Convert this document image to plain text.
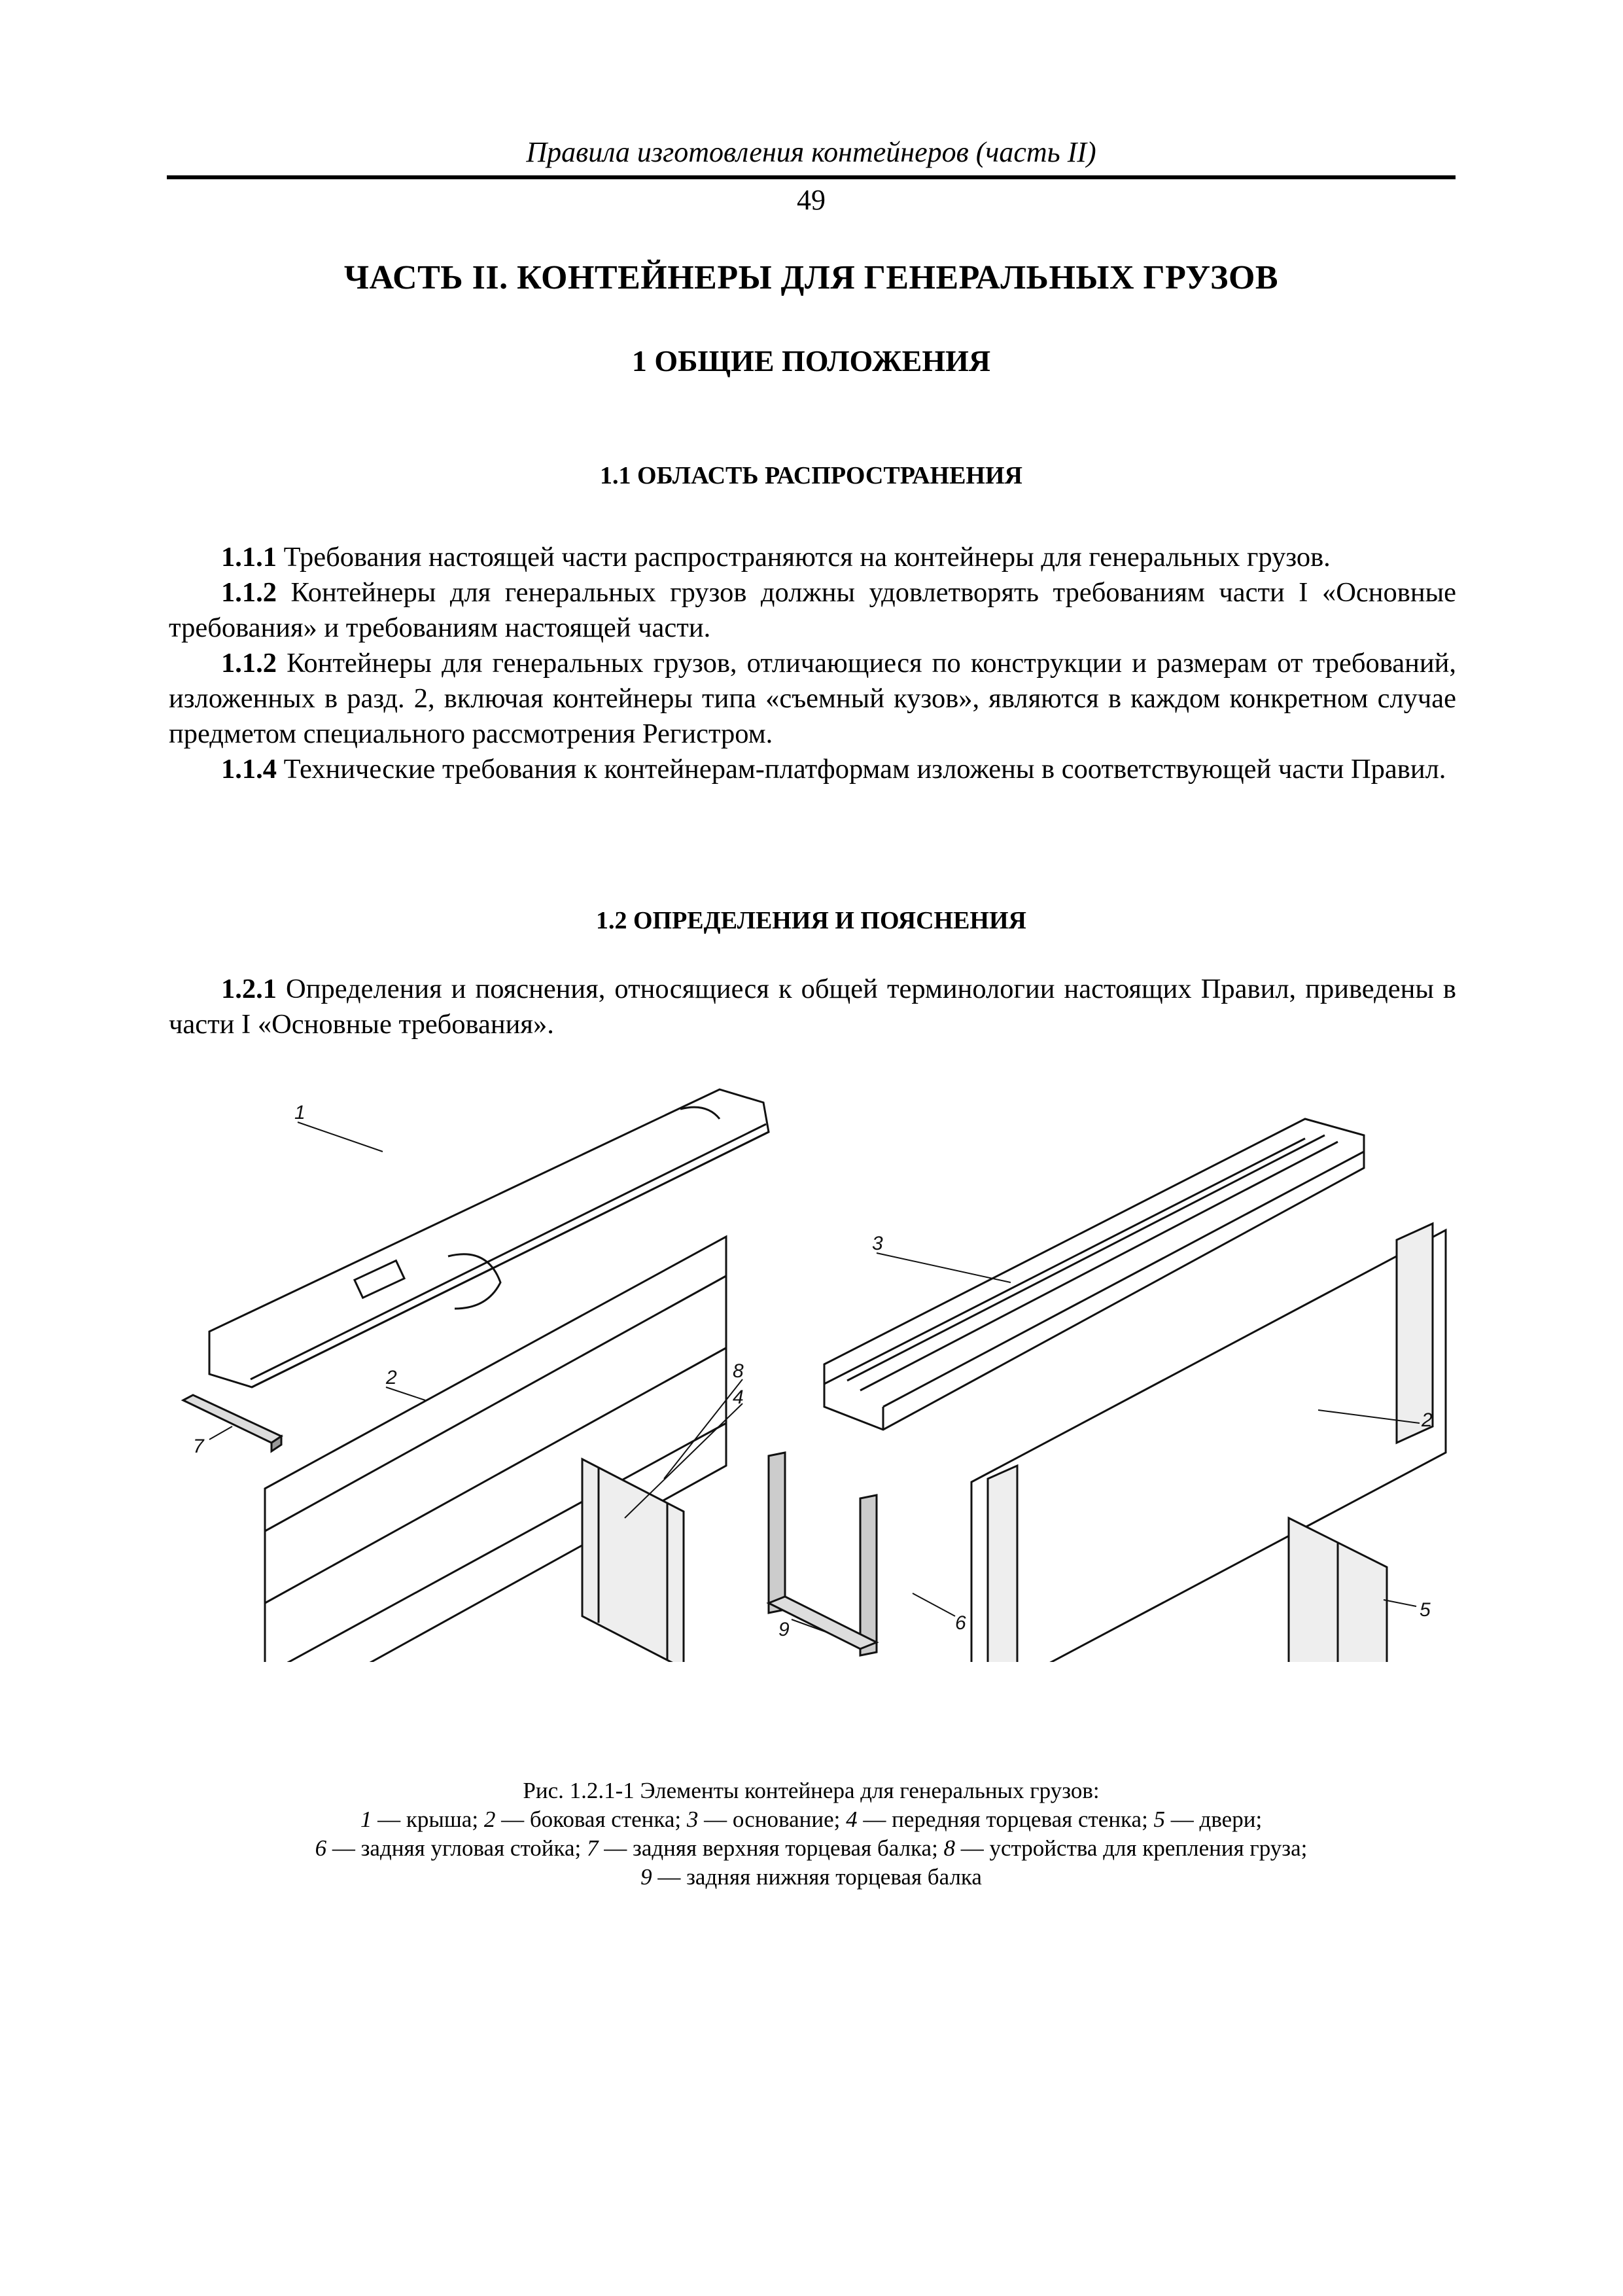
Правила изготовления контейнеров (часть II)
49
ЧАСТЬ II. КОНТЕЙНЕРЫ ДЛЯ ГЕНЕРАЛЬНЫХ ГРУЗОВ
1 ОБЩИЕ ПОЛОЖЕНИЯ
1.1 ОБЛАСТЬ РАСПРОСТРАНЕНИЯ

1.1.1 Требования настоящей части распространяются на контейнеры для генеральных грузов.

1.1.2 Контейнеры для генеральных грузов должны удовлетворять требованиям части I «Основные требования» и требованиям настоящей части.

1.1.2 Контейнеры для генеральных грузов, отличающиеся по конструкции и размерам от требований, изложенных в разд. 2, включая контейнеры типа «съемный кузов», являются в каждом конкретном случае предметом специального рассмотрения Регистром.

1.1.4 Технические требования к контейнерам-платформам изложены в соответствующей части Правил.

1.2 ОПРЕДЕЛЕНИЯ И ПОЯСНЕНИЯ

1.2.1 Определения и пояснения, относящиеся к общей терминологии настоящих Правил, приведены в части I «Основные требования».

1
2
3
2
7
8
4
9	6
5
Рис. 1.2.1-1 Элементы контейнера для генеральных грузов:
1 — крыша; 2 — боковая стенка; 3 — основание; 4 — передняя торцевая стенка; 5 — двери;
6 — задняя угловая стойка; 7 — задняя верхняя торцевая балка; 8 — устройства для крепления груза;
9 — задняя нижняя торцевая балка
